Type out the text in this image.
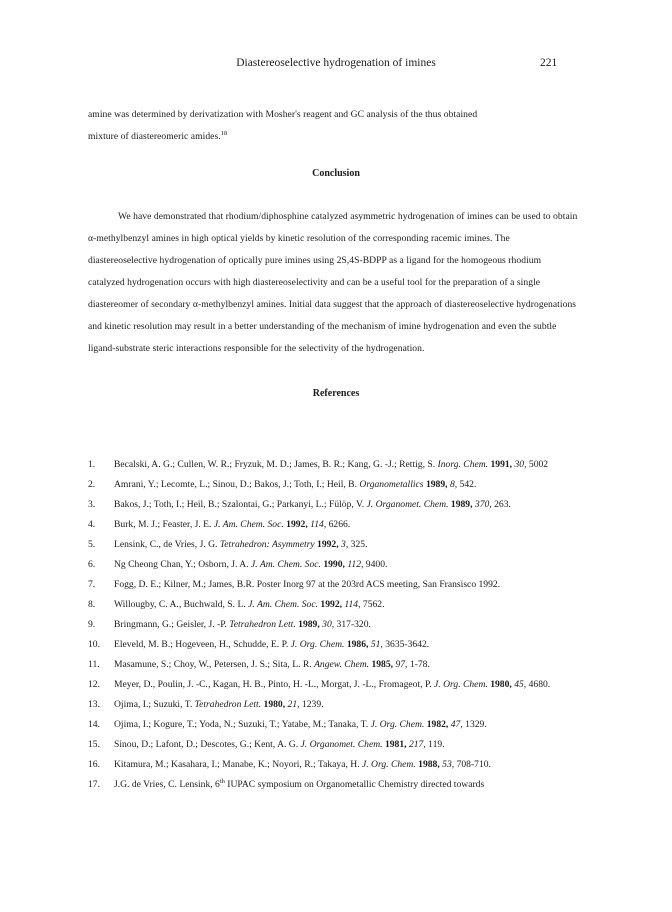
Diastereoselective hydrogenation of imines	221

amine was determined by derivatization with Mosher's reagent and GC analysis of the thus obtained

mixture of diastereomeric amides.$^{18}$

Conclusion

We have demonstrated that rhodium/diphosphine catalyzed asymmetric hydrogenation of imines can be used to obtain α-methylbenzyl amines in high optical yields by kinetic resolution of the corresponding racemic imines. The diastereoselective hydrogenation of optically pure imines using 2S,4S-BDPP as a ligand for the homogeous rhodium catalyzed hydrogenation occurs with high diastereoselectivity and can be a useful tool for the preparation of a single diastereomer of secondary α-methylbenzyl amines. Initial data suggest that the approach of diastereoselective hydrogenations and kinetic resolution may result in a better understanding of the mechanism of imine hydrogenation and even the subtle ligand-substrate steric interactions responsible for the selectivity of the hydrogenation.

References
1.	Becalski, A. G.; Cullen, W. R.; Fryzuk, M. D.; James, B. R.; Kang, G. -J.; Rettig, S. Inorg. Chem. 1991, 30, 5002
2.	Amrani, Y.; Lecomte, L.; Sinou, D.; Bakos, J.; Toth, I.; Heil, B. Organometallics 1989, 8, 542.
3.	Bakos, J.; Toth, I.; Heil, B.; Szalontai, G.; Parkanyi, L.; Fülöp, V. J. Organomet. Chem. 1989, 370, 263.
4.	Burk, M. J.; Feaster, J. E. J. Am. Chem. Soc. 1992, 114, 6266.
5.	Lensink, C., de Vries, J. G. Tetrahedron: Asymmetry 1992, 3, 325.
6.	Ng Cheong Chan, Y.; Osborn, J. A. J. Am. Chem. Soc. 1990, 112, 9400.
7.	Fogg, D. E.; Kilner, M.; James, B.R. Poster Inorg 97 at the 203rd ACS meeting, San Fransisco 1992.
8.	Willougby, C. A., Buchwald, S. L. J. Am. Chem. Soc. 1992, 114, 7562.
9.	Bringmann, G.; Geisler, J. -P. Tetrahedron Lett. 1989, 30, 317-320.
10.	Eleveld, M. B.; Hogeveen, H., Schudde, E. P. J. Org. Chem. 1986, 51, 3635-3642.
11.	Masamune, S.; Choy, W., Petersen, J. S.; Sita, L. R. Angew. Chem. 1985, 97, 1-78.
12.	Meyer, D., Poulin, J. -C., Kagan, H. B., Pinto, H. -L., Morgat, J. -L., Fromageot, P. J. Org. Chem. 1980, 45, 4680.
13.	Ojima, I.; Suzuki, T. Tetrahedron Lett. 1980, 21, 1239.
14.	Ojima, I.; Kogure, T.; Yoda, N.; Suzuki, T.; Yatabe, M.; Tanaka, T. J. Org. Chem. 1982, 47, 1329.
15.	Sinou, D.; Lafont, D.; Descotes, G.; Kent, A. G. J. Organomet. Chem. 1981, 217, 119.
16.	Kitamura, M.; Kasahara, I.; Manabe, K.; Noyori, R.; Takaya, H. J. Org. Chem. 1988, 53, 708-710.
17.	J.G. de Vries, C. Lensink, 6th IUPAC symposium on Organometallic Chemistry directed towards
